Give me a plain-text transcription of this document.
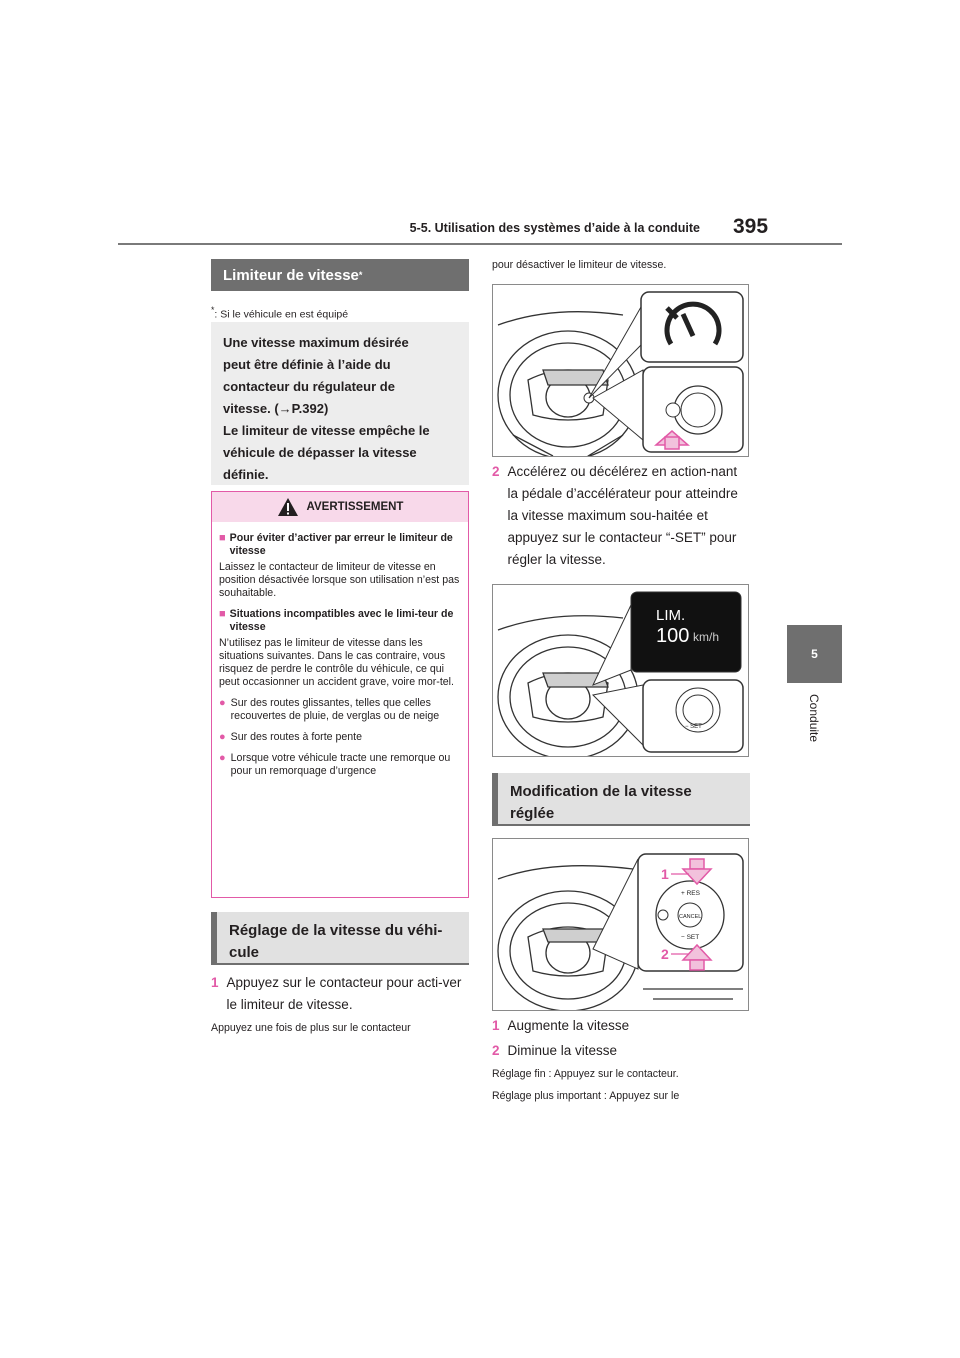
5-5. Utilisation des systèmes d’aide à la conduite 395
5
Conduite
Limiteur de vitesse *
*: Si le véhicule en est équipé
Une vitesse maximum désirée
peut être définie à l’aide du
contacteur du régulateur de
vitesse. (→P.392)
Le limiteur de vitesse empêche le
véhicule de dépasser la vitesse
définie.
AVERTISSEMENT
■ Pour éviter d’activer par erreur le limiteur de vitesse

Laissez le contacteur de limiteur de vitesse en position désactivée lorsque son utilisation n’est pas souhaitable.

■ Situations incompatibles avec le limi-teur de vitesse

N’utilisez pas le limiteur de vitesse dans les situations suivantes. Dans le cas contraire, vous risquez de perdre le contrôle du véhicule, ce qui peut occasionner un accident grave, voire mor-tel.

● Sur des routes glissantes, telles que celles recouvertes de pluie, de verglas ou de neige
● Sur des routes à forte pente
● Lorsque votre véhicule tracte une remorque ou pour un remorquage d’urgence
Réglage de la vitesse du véhi-cule
1 Appuyez sur le contacteur pour acti-ver le limiteur de vitesse.
Appuyez une fois de plus sur le contacteur
pour désactiver le limiteur de vitesse.
2 Accélérez ou décélérez en action-nant la pédale d’accélérateur pour atteindre la vitesse maximum sou-haitée et appuyez sur le contacteur “-SET” pour régler la vitesse.
LIM.
100 km/h
− SET
Modification de la vitesse réglée
CANCEL
+ RES
− SET
1
2
1 Augmente la vitesse
2 Diminue la vitesse
Réglage fin : Appuyez sur le contacteur.
Réglage plus important : Appuyez sur le
